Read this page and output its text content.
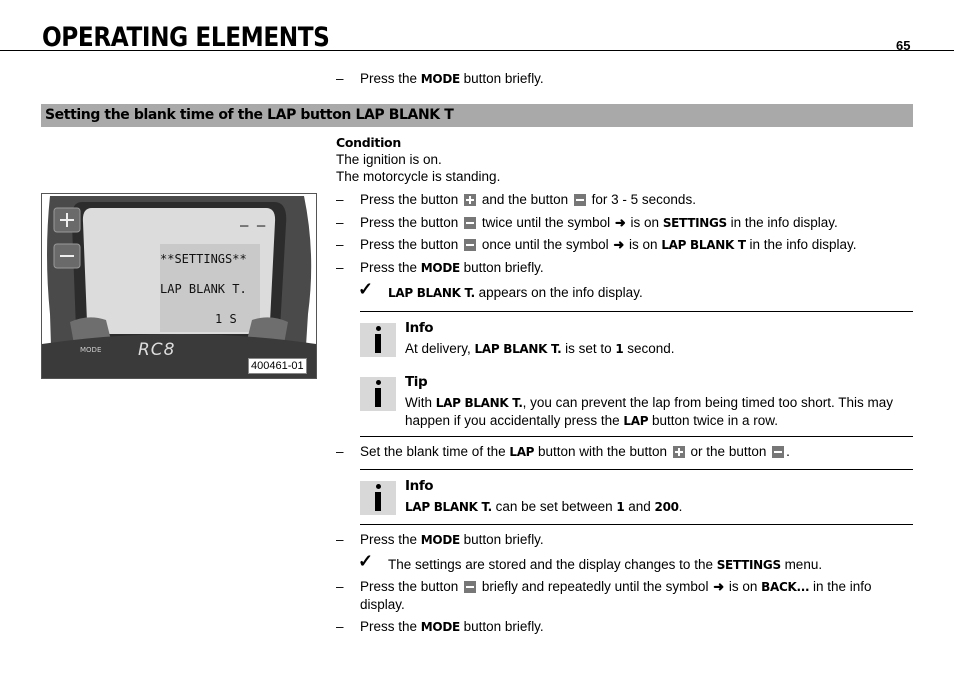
OPERATING ELEMENTS	65
– Press the MODE button briefly.
Setting the blank time of the LAP button LAP BLANK T
Condition
The ignition is on.
The motorcycle is standing.
**SETTINGS**
LAP BLANK T.
1 S
– –
RC8
MODE
400461-01
– Press the button  and the button  for 3 - 5 seconds.
– Press the button  twice until the symbol ➜ is on SETTINGS in the info display.
– Press the button  once until the symbol ➜ is on LAP BLANK T in the info display.
– Press the MODE button briefly.
✓ LAP BLANK T. appears on the info display.
Info
At delivery, LAP BLANK T. is set to 1 second.
Tip
With LAP BLANK T., you can prevent the lap from being timed too short. This may happen if you accidentally press the LAP button twice in a row.
– Set the blank time of the LAP button with the button  or the button .
Info
LAP BLANK T. can be set between 1 and 200.
– Press the MODE button briefly.
✓ The settings are stored and the display changes to the SETTINGS menu.
– Press the button  briefly and repeatedly until the symbol ➜ is on BACK... in the info display.
– Press the MODE button briefly.
